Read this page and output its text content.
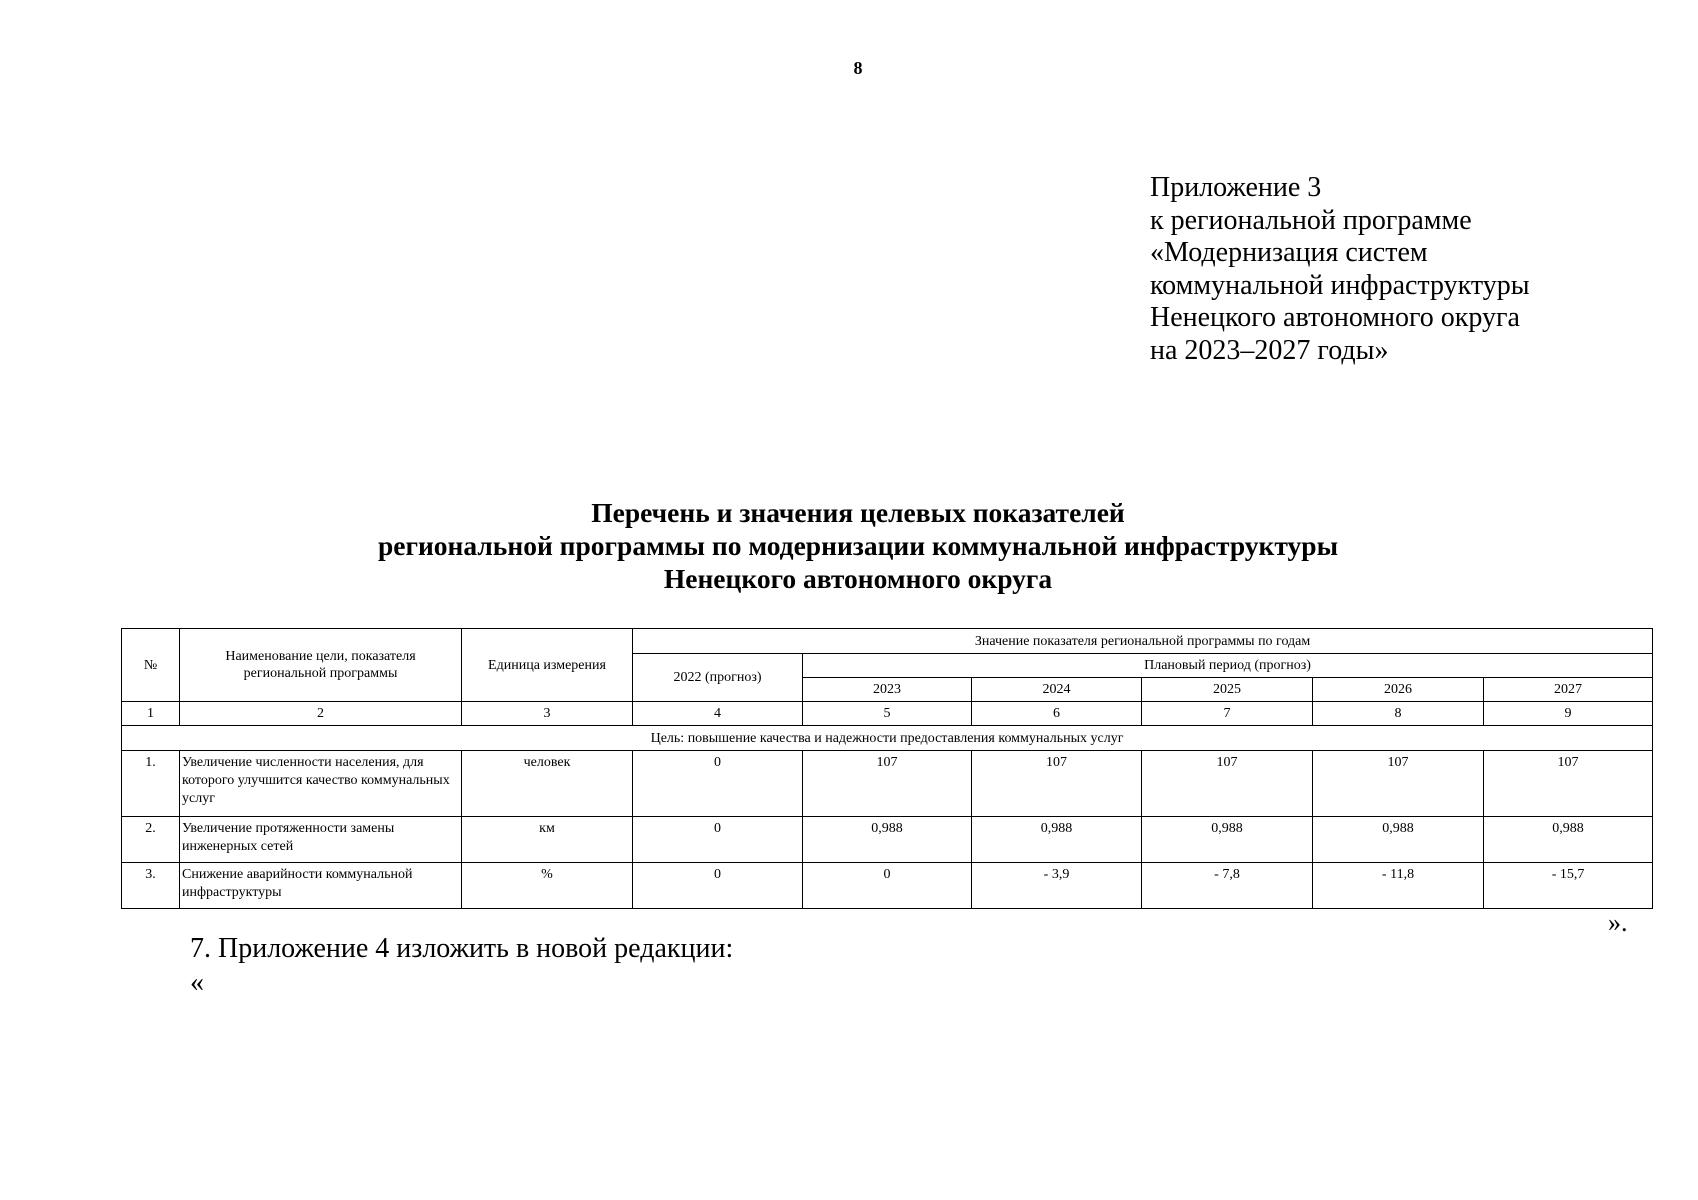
8
Приложение 3
к региональной программе
«Модернизация систем
коммунальной инфраструктуры
Ненецкого автономного округа
на 2023–2027 годы»
Перечень и значения целевых показателей
региональной программы по модернизации коммунальной инфраструктуры
Ненецкого автономного округа
№	Наименование цели, показателя региональной программы	Единица измерения	Значение показателя региональной программы по годам					
			2022 (прогноз)	Плановый период (прогноз)				
				2023	2024	2025	2026	2027
1	2	3	4	5	6	7	8	9
Цель: повышение качества и надежности предоставления коммунальных услуг								
1.	Увеличение численности населения, для которого улучшится качество коммунальных услуг	человек	0	107	107	107	107	107
2.	Увеличение протяженности замены инженерных сетей	км	0	0,988	0,988	0,988	0,988	0,988
3.	Снижение аварийности коммунальной инфраструктуры	%	0	0	- 3,9	- 7,8	- 11,8	- 15,7
».
7. Приложение 4 изложить в новой редакции:
«
